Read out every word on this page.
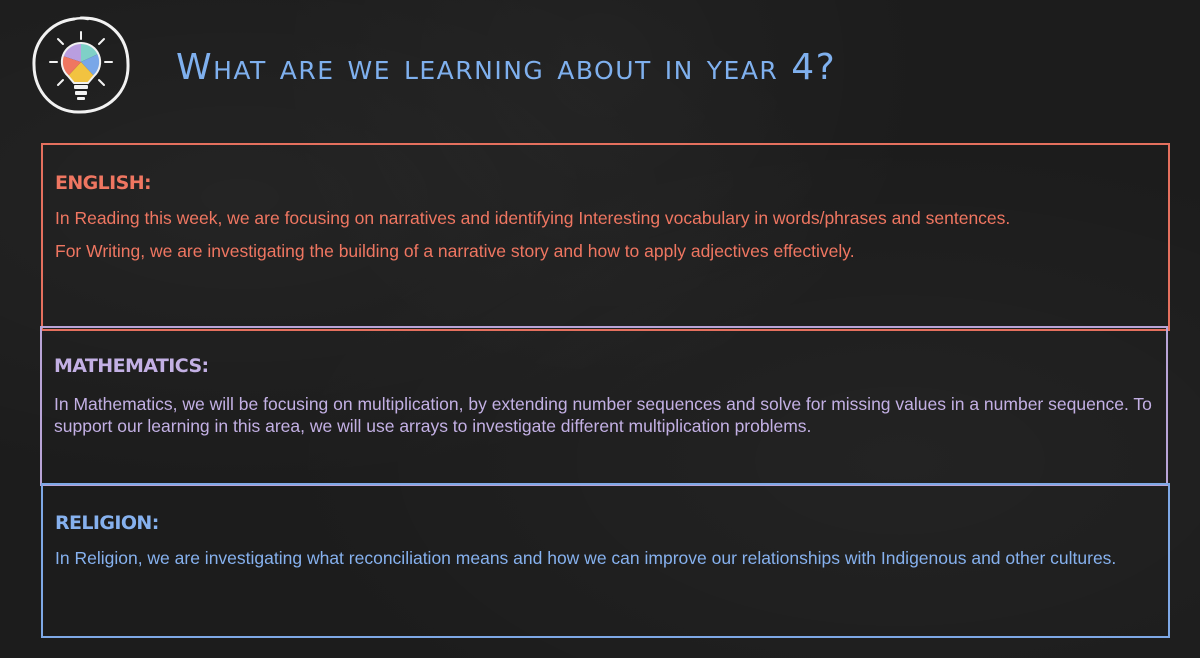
What are we learning about in year 4?
ENGLISH:

In Reading this week, we are focusing on narratives and identifying Interesting vocabulary in words/phrases and sentences.

For Writing, we are investigating the building of a narrative story and how to apply adjectives effectively.

MATHEMATICS:

In Mathematics, we will be focusing on multiplication, by extending number sequences and solve for missing values in a number sequence. To support our learning in this area, we will use arrays to investigate different multiplication problems.

RELIGION:

In Religion, we are investigating what reconciliation means and how we can improve our relationships with Indigenous and other cultures.
